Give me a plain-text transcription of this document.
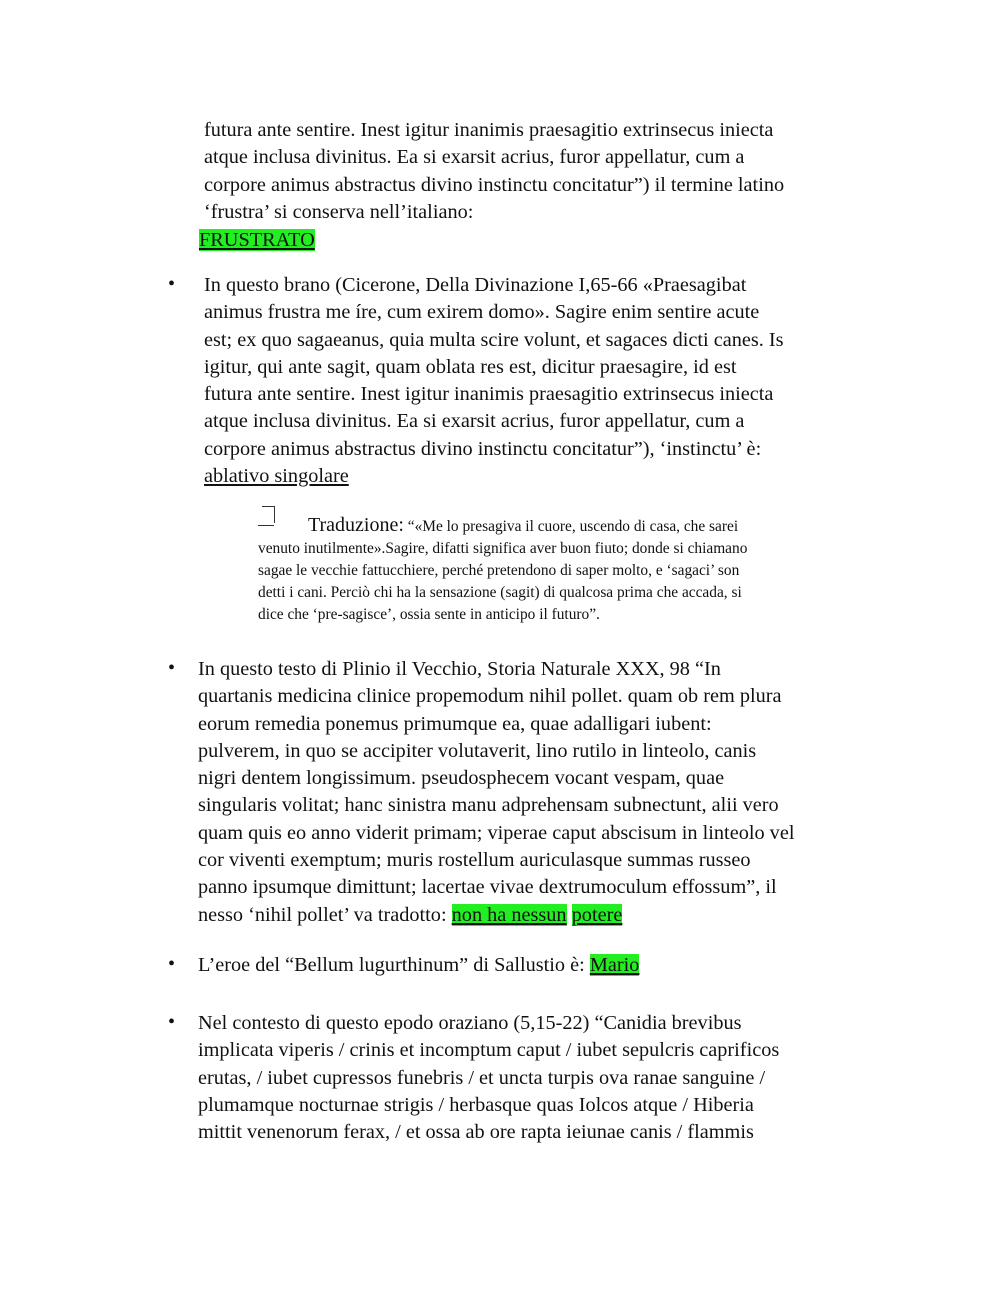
futura ante sentire. Inest igitur inanimis praesagitio extrinsecus iniecta
atque inclusa divinitus. Ea si exarsit acrius, furor appellatur, cum a
corpore animus abstractus divino instinctu concitatur”) il termine latino
‘frustra’ si conserva nell’italiano:
FRUSTRATO
• In questo brano (Cicerone, Della Divinazione I,65-66 «Praesagibat
animus frustra me íre, cum exirem domo». Sagire enim sentire acute
est; ex quo sagaeanus, quia multa scire volunt, et sagaces dicti canes. Is
igitur, qui ante sagit, quam oblata res est, dicitur praesagire, id est
futura ante sentire. Inest igitur inanimis praesagitio extrinsecus iniecta
atque inclusa divinitus. Ea si exarsit acrius, furor appellatur, cum a
corpore animus abstractus divino instinctu concitatur”), ‘instinctu’ è:
ablativo singolare
Traduzione: “«Me lo presagiva il cuore, uscendo di casa, che sarei
venuto inutilmente».Sagire, difatti significa aver buon fiuto; donde si chiamano
sagae le vecchie fattucchiere, perché pretendono di saper molto, e ‘sagaci’ son
detti i cani. Perciò chi ha la sensazione (sagit) di qualcosa prima che accada, si
dice che ‘pre-sagisce’, ossia sente in anticipo il futuro”.
• In questo testo di Plinio il Vecchio, Storia Naturale XXX, 98 “In
quartanis medicina clinice propemodum nihil pollet. quam ob rem plura
eorum remedia ponemus primumque ea, quae adalligari iubent:
pulverem, in quo se accipiter volutaverit, lino rutilo in linteolo, canis
nigri dentem longissimum. pseudosphecem vocant vespam, quae
singularis volitat; hanc sinistra manu adprehensam subnectunt, alii vero
quam quis eo anno viderit primam; viperae caput abscisum in linteolo vel
cor viventi exemptum; muris rostellum auriculasque summas russeo
panno ipsumque dimittunt; lacertae vivae dextrumoculum effossum”, il
nesso ‘nihil pollet’ va tradotto: non ha nessun potere
• L’eroe del “Bellum lugurthinum” di Sallustio è: Mario
• Nel contesto di questo epodo oraziano (5,15-22) “Canidia brevibus
implicata viperis / crinis et incomptum caput / iubet sepulcris caprificos
erutas, / iubet cupressos funebris / et uncta turpis ova ranae sanguine /
plumamque nocturnae strigis / herbasque quas Iolcos atque / Hiberia
mittit venenorum ferax, / et ossa ab ore rapta ieiunae canis / flammis
